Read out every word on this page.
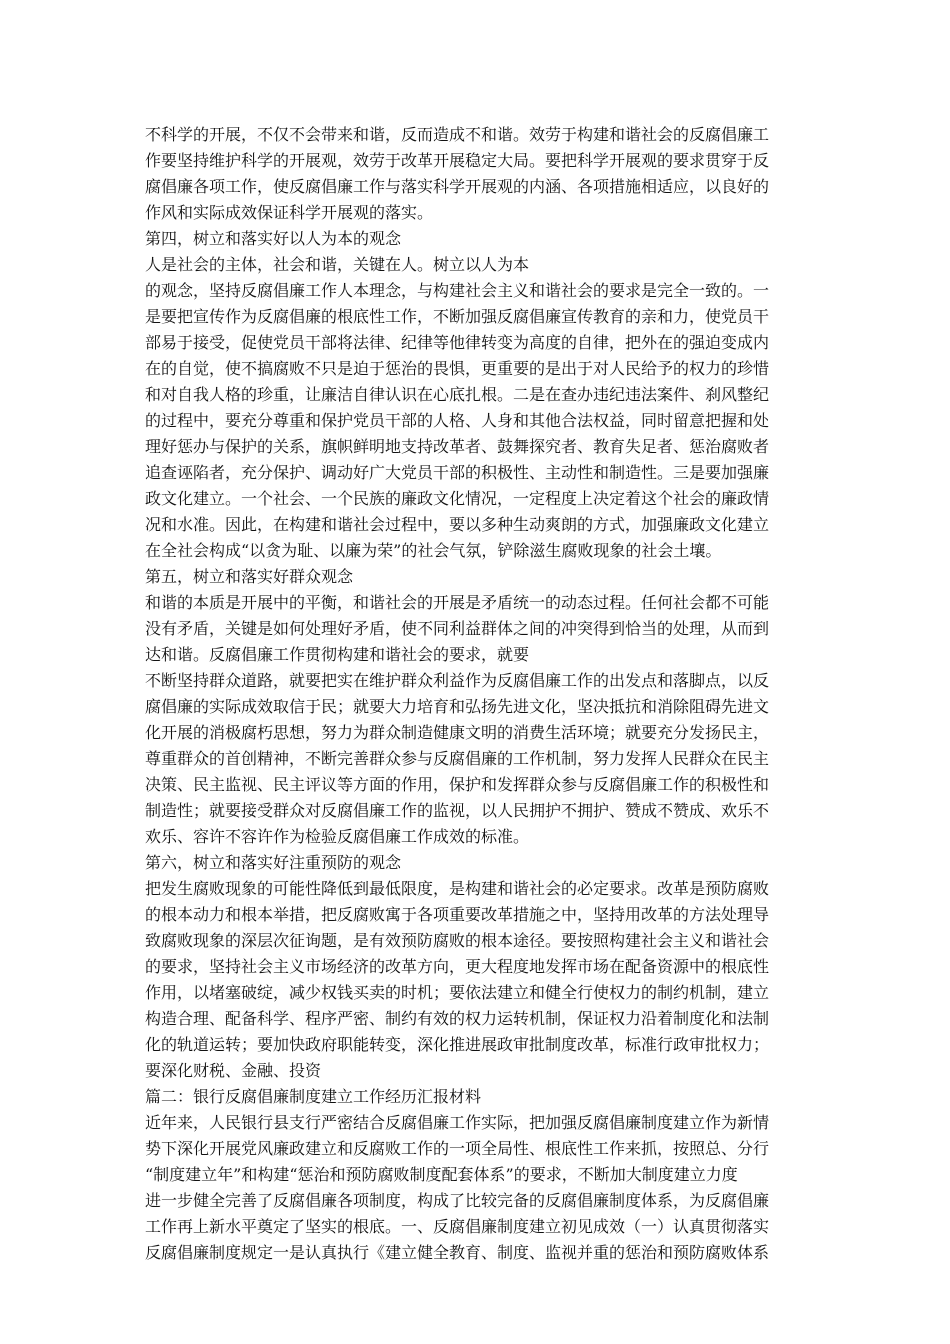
不科学的开展，不仅不会带来和谐，反而造成不和谐。效劳于构建和谐社会的反腐倡廉工
作要坚持维护科学的开展观，效劳于改革开展稳定大局。要把科学开展观的要求贯穿于反
腐倡廉各项工作，使反腐倡廉工作与落实科学开展观的内涵、各项措施相适应，以良好的
作风和实际成效保证科学开展观的落实。
第四，树立和落实好以人为本的观念
人是社会的主体，社会和谐，关键在人。树立以人为本
的观念，坚持反腐倡廉工作人本理念，与构建社会主义和谐社会的要求是完全一致的。一
是要把宣传作为反腐倡廉的根底性工作，不断加强反腐倡廉宣传教育的亲和力，使党员干
部易于接受，促使党员干部将法律、纪律等他律转变为高度的自律，把外在的强迫变成内
在的自觉，使不搞腐败不只是迫于惩治的畏惧，更重要的是出于对人民给予的权力的珍惜
和对自我人格的珍重，让廉洁自律认识在心底扎根。二是在查办违纪违法案件、刹风整纪
的过程中，要充分尊重和保护党员干部的人格、人身和其他合法权益，同时留意把握和处
理好惩办与保护的关系，旗帜鲜明地支持改革者、鼓舞探究者、教育失足者、惩治腐败者
追查诬陷者，充分保护、调动好广大党员干部的积极性、主动性和制造性。三是要加强廉
政文化建立。一个社会、一个民族的廉政文化情况，一定程度上决定着这个社会的廉政情
况和水准。因此，在构建和谐社会过程中，要以多种生动爽朗的方式，加强廉政文化建立
在全社会构成“以贪为耻、以廉为荣”的社会气氛，铲除滋生腐败现象的社会土壤。
第五，树立和落实好群众观念
和谐的本质是开展中的平衡，和谐社会的开展是矛盾统一的动态过程。任何社会都不可能
没有矛盾，关键是如何处理好矛盾，使不同利益群体之间的冲突得到恰当的处理，从而到
达和谐。反腐倡廉工作贯彻构建和谐社会的要求，就要
不断坚持群众道路，就要把实在维护群众利益作为反腐倡廉工作的出发点和落脚点，以反
腐倡廉的实际成效取信于民；就要大力培育和弘扬先进文化，坚决抵抗和消除阻碍先进文
化开展的消极腐朽思想，努力为群众制造健康文明的消费生活环境；就要充分发扬民主，
尊重群众的首创精神，不断完善群众参与反腐倡廉的工作机制，努力发挥人民群众在民主
决策、民主监视、民主评议等方面的作用，保护和发挥群众参与反腐倡廉工作的积极性和
制造性；就要接受群众对反腐倡廉工作的监视，以人民拥护不拥护、赞成不赞成、欢乐不
欢乐、容许不容许作为检验反腐倡廉工作成效的标准。
第六，树立和落实好注重预防的观念
把发生腐败现象的可能性降低到最低限度，是构建和谐社会的必定要求。改革是预防腐败
的根本动力和根本举措，把反腐败寓于各项重要改革措施之中，坚持用改革的方法处理导
致腐败现象的深层次征询题，是有效预防腐败的根本途径。要按照构建社会主义和谐社会
的要求，坚持社会主义市场经济的改革方向，更大程度地发挥市场在配备资源中的根底性
作用，以堵塞破绽，减少权钱买卖的时机；要依法建立和健全行使权力的制约机制，建立
构造合理、配备科学、程序严密、制约有效的权力运转机制，保证权力沿着制度化和法制
化的轨道运转；要加快政府职能转变，深化推进展政审批制度改革，标准行政审批权力；
要深化财税、金融、投资
篇二：银行反腐倡廉制度建立工作经历汇报材料
近年来，人民银行县支行严密结合反腐倡廉工作实际，把加强反腐倡廉制度建立作为新情
势下深化开展党风廉政建立和反腐败工作的一项全局性、根底性工作来抓，按照总、分行
“制度建立年”和构建“惩治和预防腐败制度配套体系”的要求，不断加大制度建立力度
进一步健全完善了反腐倡廉各项制度，构成了比较完备的反腐倡廉制度体系，为反腐倡廉
工作再上新水平奠定了坚实的根底。一、反腐倡廉制度建立初见成效（一）认真贯彻落实
反腐倡廉制度规定一是认真执行《建立健全教育、制度、监视并重的惩治和预防腐败体系
